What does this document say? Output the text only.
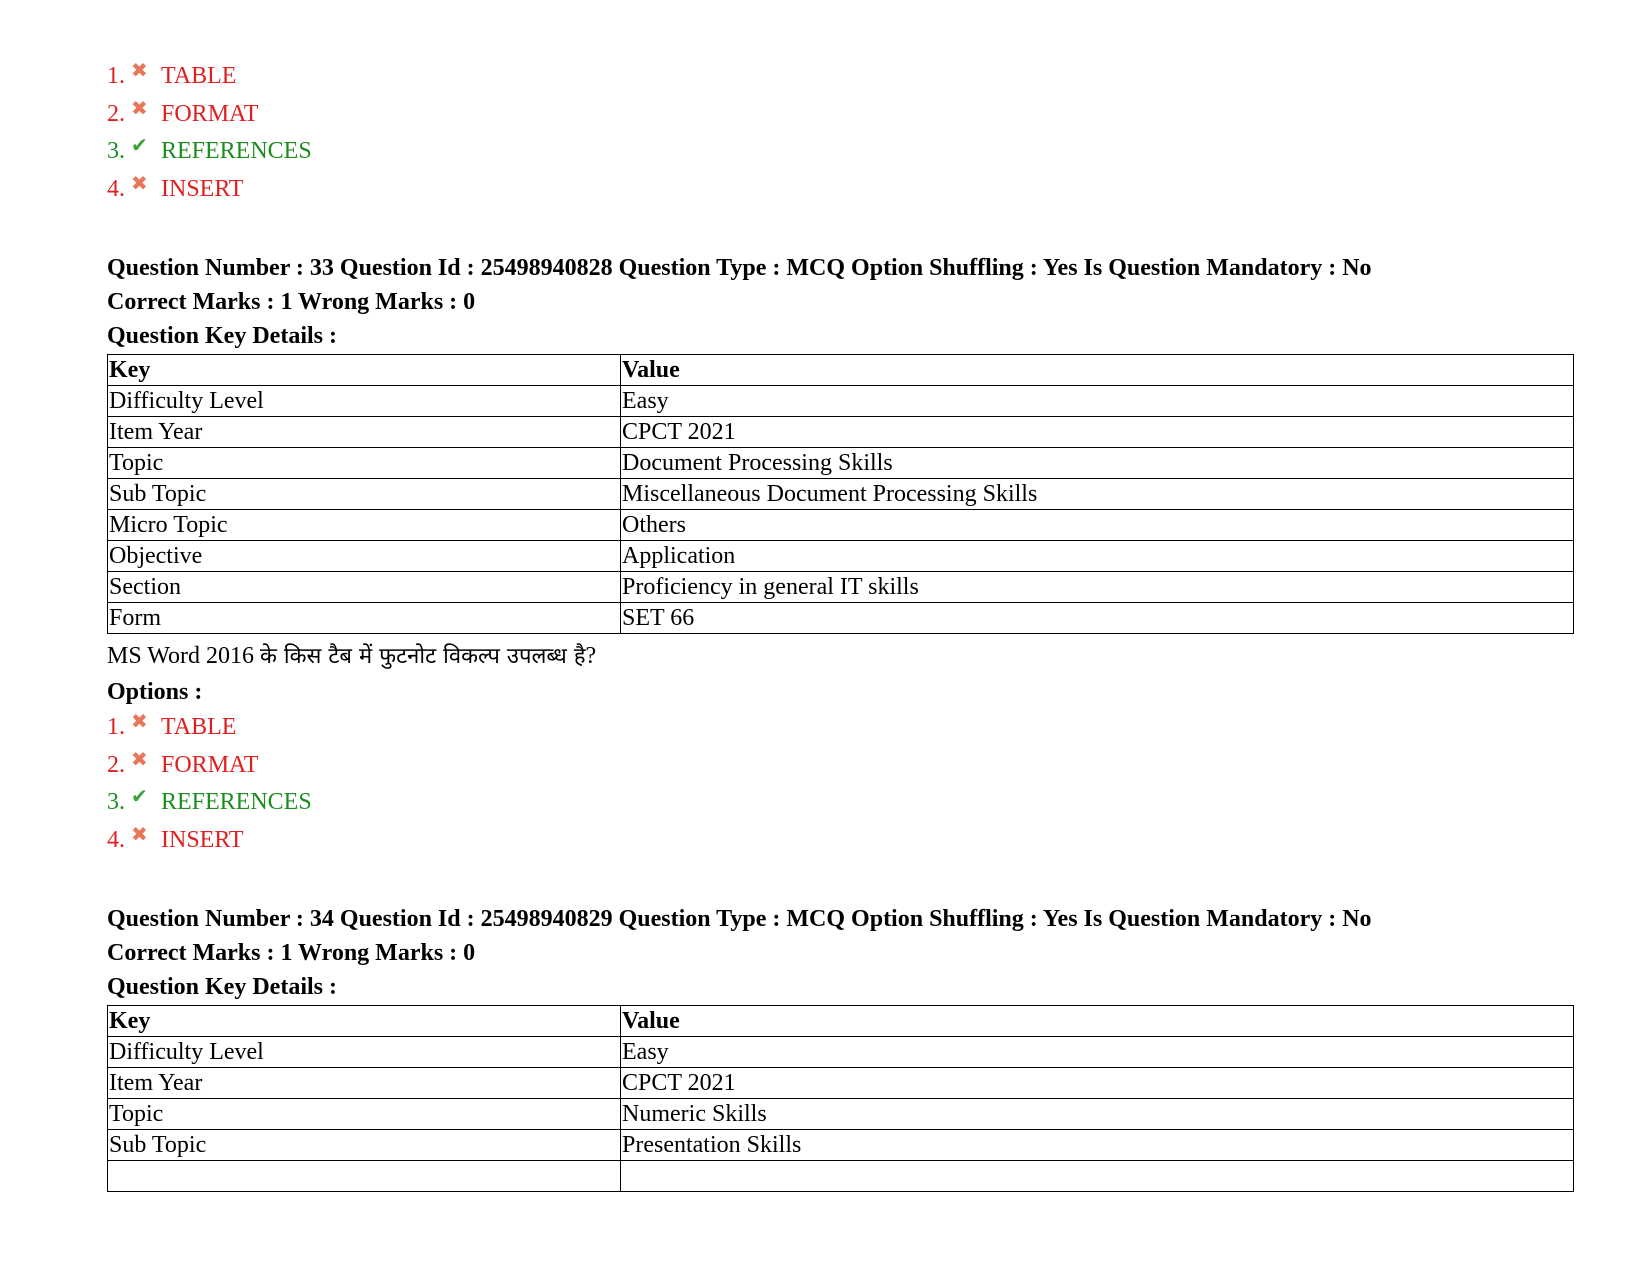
1. ✖ TABLE
2. ✖ FORMAT
3. ✔ REFERENCES
4. ✖ INSERT
Question Number : 33 Question Id : 25498940828 Question Type : MCQ Option Shuffling : Yes Is Question Mandatory : No
Correct Marks : 1 Wrong Marks : 0
Question Key Details :
Key	Value
Difficulty Level	Easy
Item Year	CPCT 2021
Topic	Document Processing Skills
Sub Topic	Miscellaneous Document Processing Skills
Micro Topic	Others
Objective	Application
Section	Proficiency in general IT skills
Form	SET 66
MS Word 2016 के किस टैब में फुटनोट विकल्प उपलब्ध है?
Options :
1. ✖ TABLE
2. ✖ FORMAT
3. ✔ REFERENCES
4. ✖ INSERT
Question Number : 34 Question Id : 25498940829 Question Type : MCQ Option Shuffling : Yes Is Question Mandatory : No
Correct Marks : 1 Wrong Marks : 0
Question Key Details :
Key	Value
Difficulty Level	Easy
Item Year	CPCT 2021
Topic	Numeric Skills
Sub Topic	Presentation Skills
